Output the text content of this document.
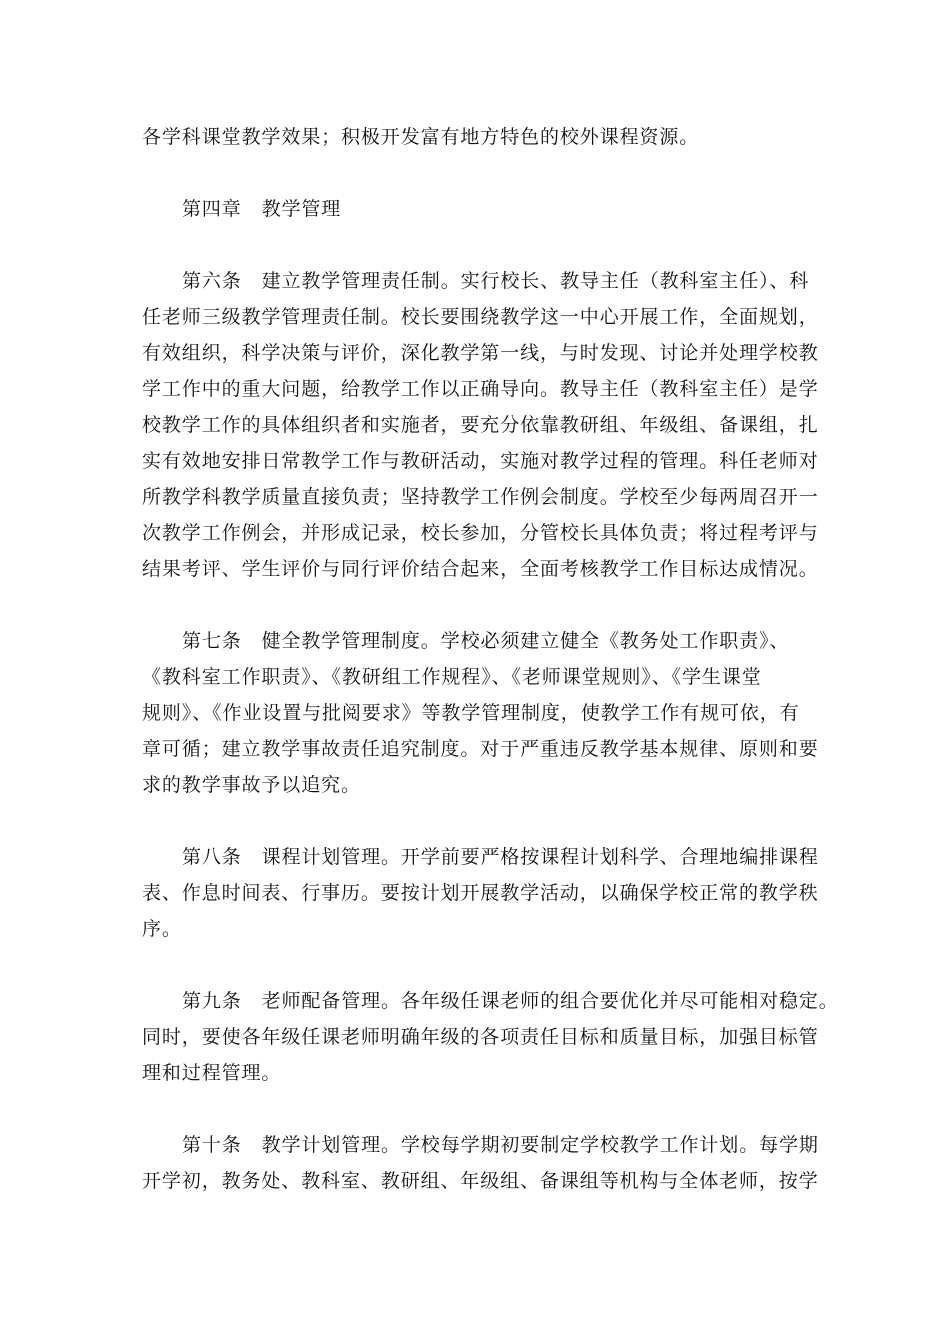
各学科课堂教学效果；积极开发富有地方特色的校外课程资源。
第四章　教学管理
第六条　建立教学管理责任制。实行校长、教导主任（教科室主任）、科
任老师三级教学管理责任制。校长要围绕教学这一中心开展工作，全面规划，
有效组织，科学决策与评价，深化教学第一线，与时发现、讨论并处理学校教
学工作中的重大问题，给教学工作以正确导向。教导主任（教科室主任）是学
校教学工作的具体组织者和实施者，要充分依靠教研组、年级组、备课组，扎
实有效地安排日常教学工作与教研活动，实施对教学过程的管理。科任老师对
所教学科教学质量直接负责；坚持教学工作例会制度。学校至少每两周召开一
次教学工作例会，并形成记录，校长参加，分管校长具体负责；将过程考评与
结果考评、学生评价与同行评价结合起来，全面考核教学工作目标达成情况。
第七条　健全教学管理制度。学校必须建立健全《教务处工作职责》、
《教科室工作职责》、《教研组工作规程》、《老师课堂规则》、《学生课堂
规则》、《作业设置与批阅要求》等教学管理制度，使教学工作有规可依，有
章可循；建立教学事故责任追究制度。对于严重违反教学基本规律、原则和要
求的教学事故予以追究。
第八条　课程计划管理。开学前要严格按课程计划科学、合理地编排课程
表、作息时间表、行事历。要按计划开展教学活动，以确保学校正常的教学秩
序。
第九条　老师配备管理。各年级任课老师的组合要优化并尽可能相对稳定。
同时，要使各年级任课老师明确年级的各项责任目标和质量目标，加强目标管
理和过程管理。
第十条　教学计划管理。学校每学期初要制定学校教学工作计划。每学期
开学初，教务处、教科室、教研组、年级组、备课组等机构与全体老师，按学
